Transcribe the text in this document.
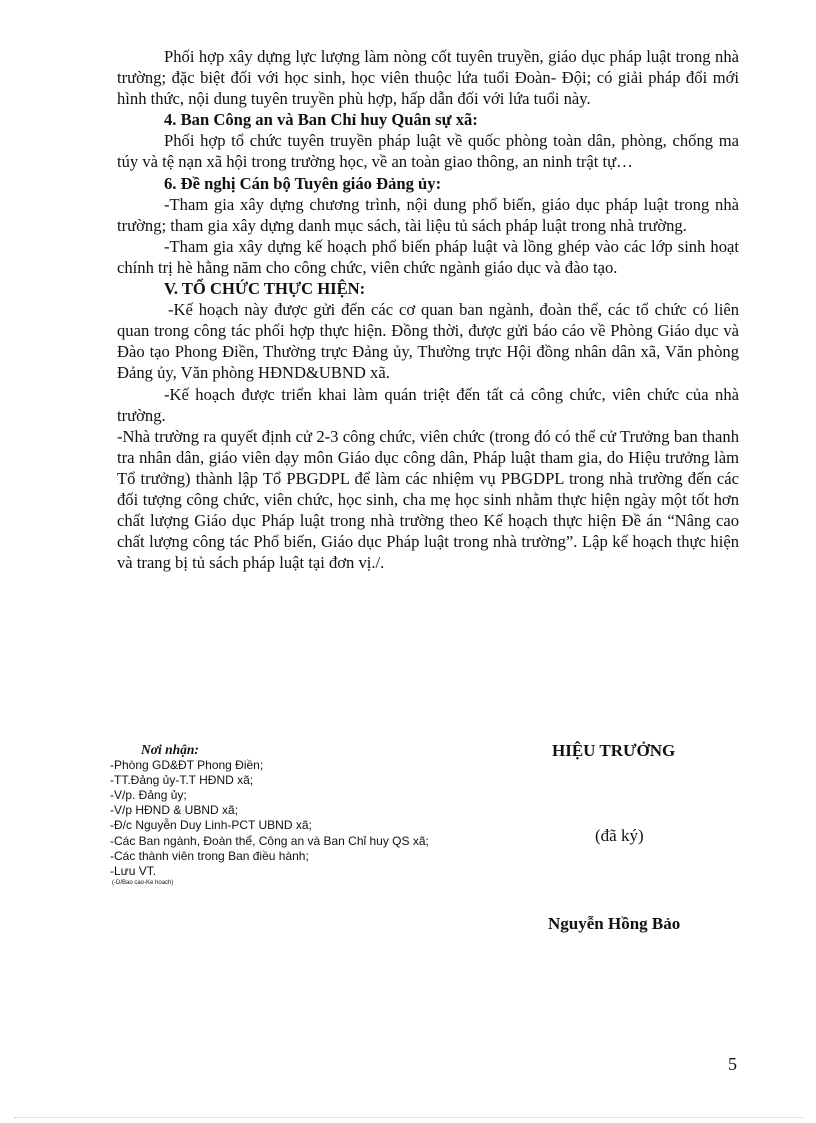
Phối hợp xây dựng lực lượng làm nòng cốt tuyên truyền, giáo dục pháp luật trong nhà trường; đặc biệt đối với học sinh, học viên thuộc lứa tuổi Đoàn- Đội; có giải pháp đổi mới hình thức, nội dung tuyên truyền phù hợp, hấp dẫn đối với lứa tuổi này.

4. Ban Công an và Ban Chỉ huy Quân sự xã:

Phối hợp tổ chức tuyên truyền pháp luật về quốc phòng toàn dân, phòng, chống ma túy và tệ nạn xã hội trong trường học, về an toàn giao thông, an ninh trật tự…

6. Đề nghị Cán bộ Tuyên giáo Đảng ủy:

-Tham gia xây dựng chương trình, nội dung phổ biến, giáo dục pháp luật trong nhà trường; tham gia xây dựng danh mục sách, tài liệu tủ sách pháp luật trong nhà trường.

-Tham gia xây dựng kế hoạch phổ biến pháp luật và lồng ghép vào các lớp sinh hoạt chính trị hè hằng năm cho công chức, viên chức ngành giáo dục và đào tạo.

V. TỔ CHỨC THỰC HIỆN:

-Kế hoạch này được gửi đến các cơ quan ban ngành, đoàn thể, các tổ chức có liên quan trong công tác phối hợp thực hiện. Đồng thời, được gửi báo cáo về Phòng Giáo dục và Đào tạo Phong Điền, Thường trực Đảng ủy, Thường trực Hội đồng nhân dân xã, Văn phòng Đảng ủy, Văn phòng HĐND&UBND xã.

-Kế hoạch được triển khai làm quán triệt đến tất cả công chức, viên chức của nhà trường.

-Nhà trường ra quyết định cử 2-3 công chức, viên chức (trong đó có thể cử Trưởng ban thanh tra nhân dân, giáo viên dạy môn Giáo dục công dân, Pháp luật tham gia, do Hiệu trưởng làm Tổ trưởng) thành lập Tổ PBGDPL để làm các nhiệm vụ PBGDPL trong nhà trường đến các đối tượng công chức, viên chức, học sinh, cha mẹ học sinh nhằm thực hiện ngày một tốt hơn chất lượng Giáo dục Pháp luật trong nhà trường theo Kế hoạch thực hiện Đề án “Nâng cao chất lượng công tác Phổ biến, Giáo dục Pháp luật trong nhà trường”. Lập kế hoạch thực hiện và trang bị tủ sách pháp luật tại đơn vị./.

Nơi nhận:
-Phòng GD&ĐT Phong Điền;
-TT.Đảng ủy-T.T HĐND xã;
-V/p. Đảng ủy;
-V/p HĐND & UBND xã;
-Đ/c Nguyễn Duy Linh-PCT UBND xã;
-Các Ban ngành, Đoàn thể, Công an và Ban Chỉ huy QS xã;
-Các thành viên trong Ban điều hành;
-Lưu VT.
(-D/Bao cao-Ke hoach)
HIỆU TRƯỞNG
(đã ký)
Nguyễn Hồng Bảo
5
